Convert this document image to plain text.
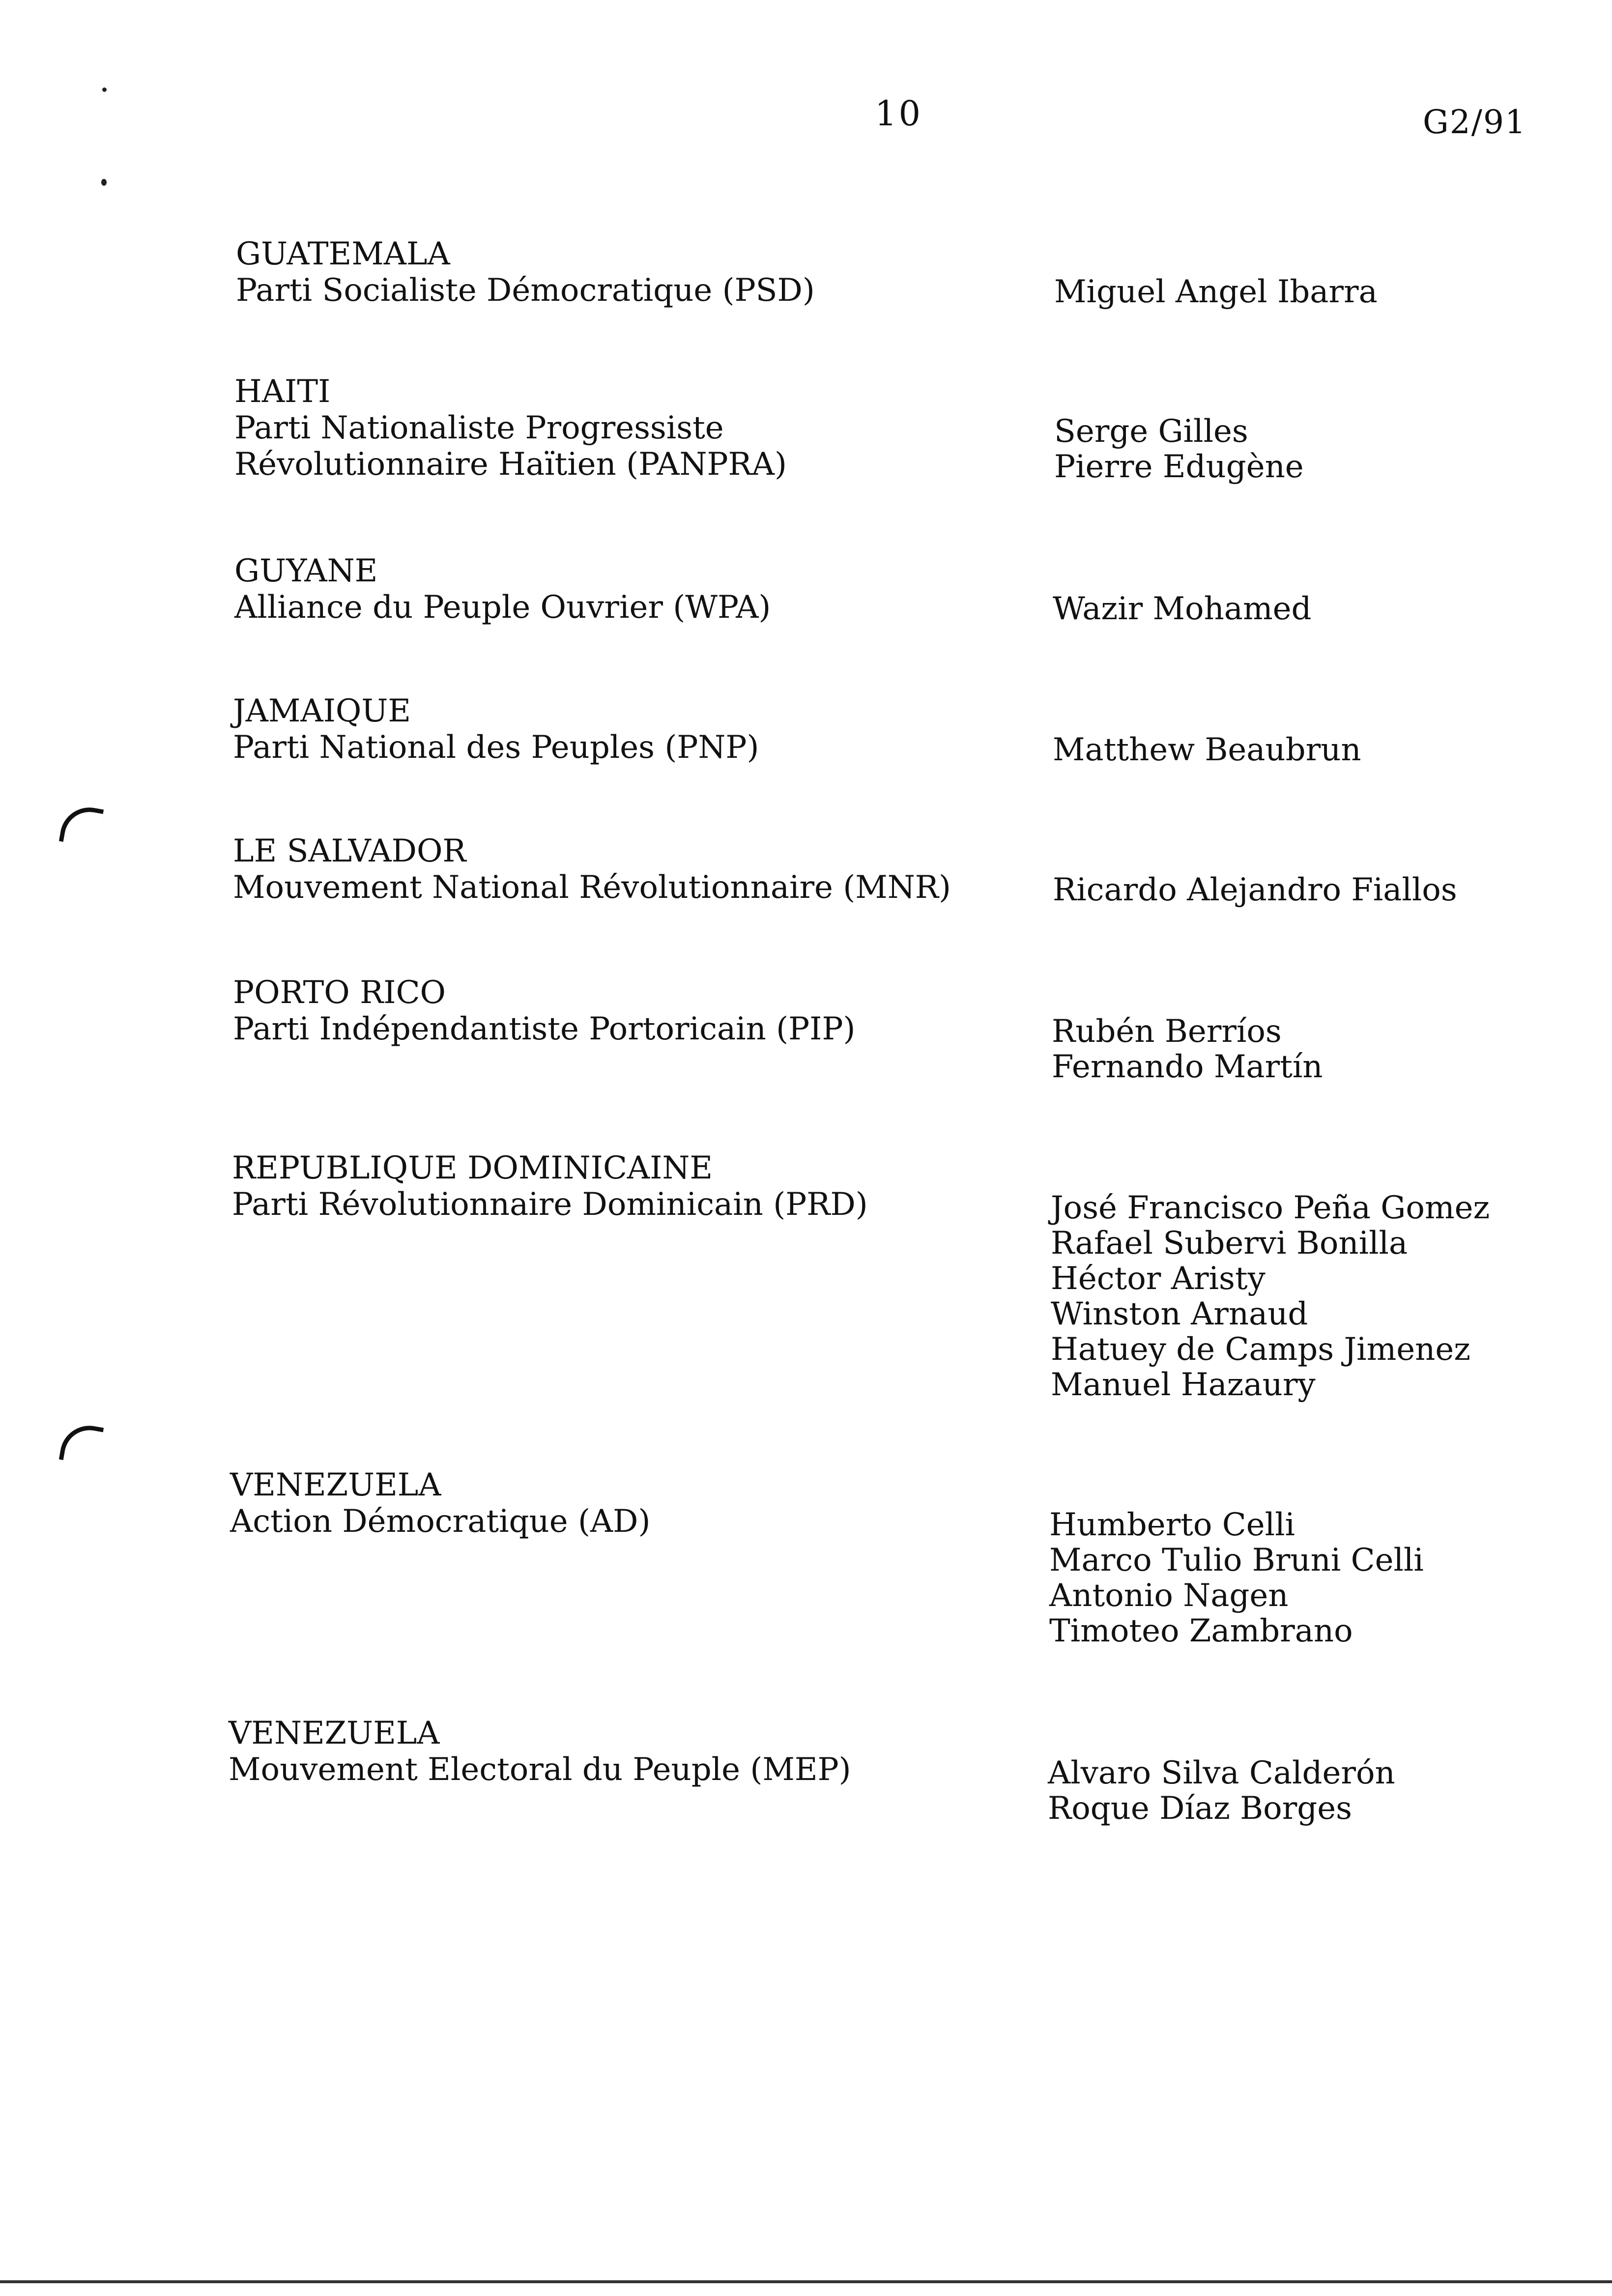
10	G2/91
GUATEMALA
Parti Socialiste Démocratique (PSD)	Miguel Angel Ibarra
HAITI
Parti Nationaliste Progressiste
Révolutionnaire Haïtien (PANPRA)
Serge Gilles
Pierre Edugène
GUYANE
Alliance du Peuple Ouvrier (WPA)	Wazir Mohamed
JAMAIQUE
Parti National des Peuples (PNP)	Matthew Beaubrun
LE SALVADOR
Mouvement National Révolutionnaire (MNR)	Ricardo Alejandro Fiallos
PORTO RICO
Parti Indépendantiste Portoricain (PIP)	Rubén Berríos
Fernando Martín
REPUBLIQUE DOMINICAINE
Parti Révolutionnaire Dominicain (PRD)	José Francisco Peña Gomez
Rafael Subervi Bonilla
Héctor Aristy
Winston Arnaud
Hatuey de Camps Jimenez
Manuel Hazaury
VENEZUELA
Action Démocratique (AD)	Humberto Celli
Marco Tulio Bruni Celli
Antonio Nagen
Timoteo Zambrano
VENEZUELA
Mouvement Electoral du Peuple (MEP)	Alvaro Silva Calderón
Roque Díaz Borges
